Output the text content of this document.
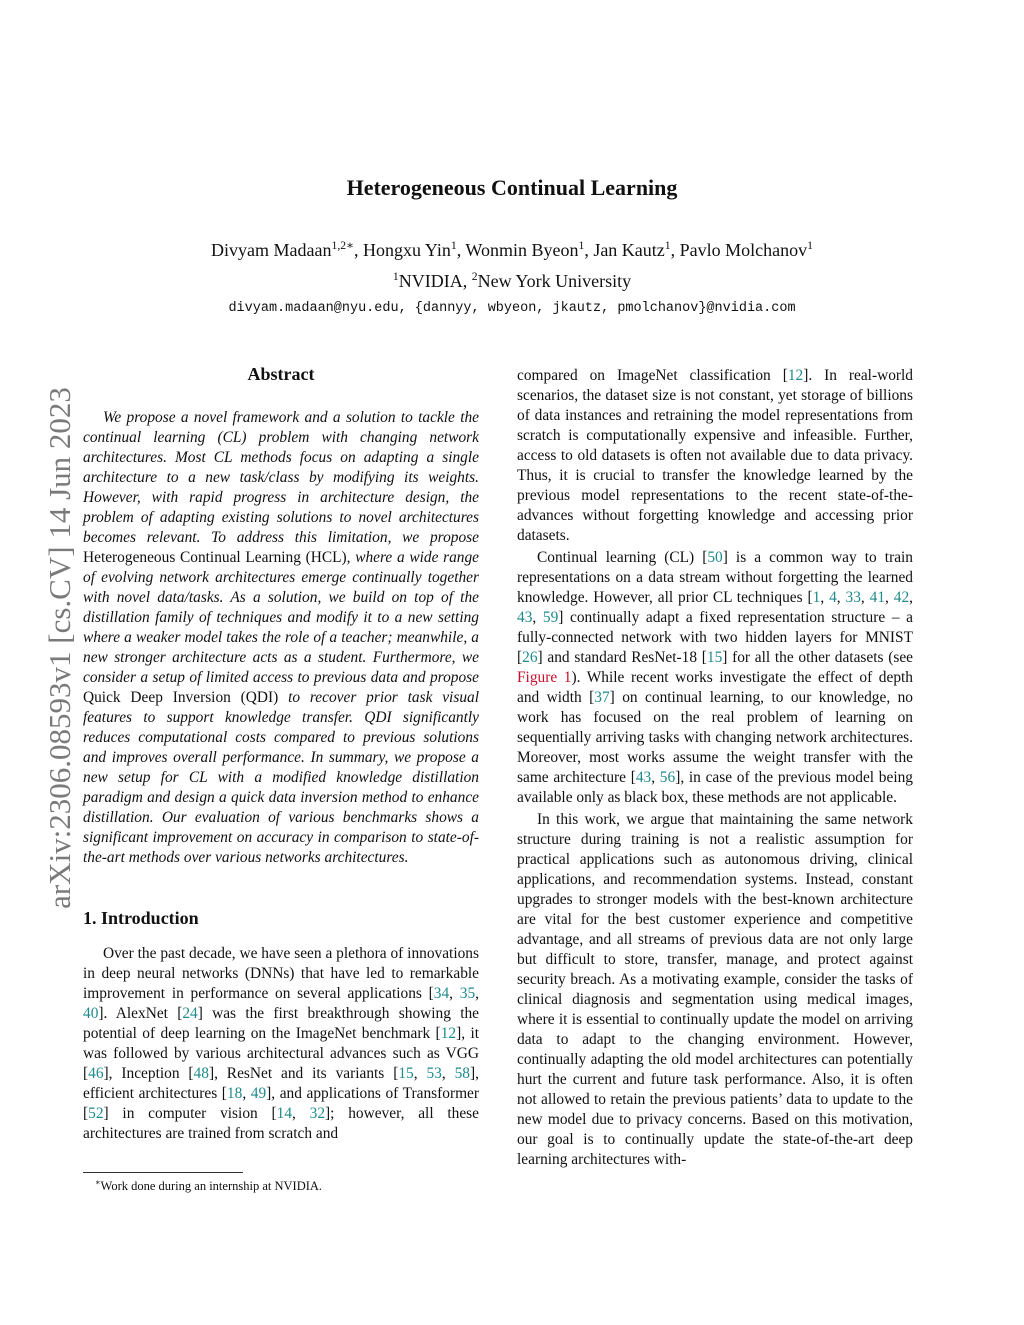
Heterogeneous Continual Learning
Divyam Madaan$^{1,2∗}$, Hongxu Yin$^1$, Wonmin Byeon$^1$, Jan Kautz$^1$, Pavlo Molchanov$^1$
$^1$NVIDIA, $^2$New York University
divyam.madaan@nyu.edu, {dannyy, wbyeon, jkautz, pmolchanov}@nvidia.com
arXiv:2306.08593v1 [cs.CV] 14 Jun 2023
Abstract

We propose a novel framework and a solution to tackle the continual learning (CL) problem with changing network architectures. Most CL methods focus on adapting a single architecture to a new task/class by modifying its weights. However, with rapid progress in architecture design, the problem of adapting existing solutions to novel architectures becomes relevant. To address this limitation, we propose Heterogeneous Continual Learning (HCL), where a wide range of evolving network architectures emerge continually together with novel data/tasks. As a solution, we build on top of the distillation family of techniques and modify it to a new setting where a weaker model takes the role of a teacher; meanwhile, a new stronger architecture acts as a student. Furthermore, we consider a setup of limited access to previous data and propose Quick Deep Inversion (QDI) to recover prior task visual features to support knowledge transfer. QDI significantly reduces computational costs compared to previous solutions and improves overall performance. In summary, we propose a new setup for CL with a modified knowledge distillation paradigm and design a quick data inversion method to enhance distillation. Our evaluation of various benchmarks shows a significant improvement on accuracy in comparison to state-of-the-art methods over various networks architectures.

1. Introduction

Over the past decade, we have seen a plethora of innovations in deep neural networks (DNNs) that have led to remarkable improvement in performance on several applications [34, 35, 40]. AlexNet [24] was the first breakthrough showing the potential of deep learning on the ImageNet benchmark [12], it was followed by various architectural advances such as VGG [46], Inception [48], ResNet and its variants [15, 53, 58], efficient architectures [18, 49], and applications of Transformer [52] in computer vision [14, 32]; however, all these architectures are trained from scratch and

compared on ImageNet classification [12]. In real-world scenarios, the dataset size is not constant, yet storage of billions of data instances and retraining the model representations from scratch is computationally expensive and infeasible. Further, access to old datasets is often not available due to data privacy. Thus, it is crucial to transfer the knowledge learned by the previous model representations to the recent state-of-the-advances without forgetting knowledge and accessing prior datasets.

Continual learning (CL) [50] is a common way to train representations on a data stream without forgetting the learned knowledge. However, all prior CL techniques [1, 4, 33, 41, 42, 43, 59] continually adapt a fixed representation structure – a fully-connected network with two hidden layers for MNIST [26] and standard ResNet-18 [15] for all the other datasets (see Figure 1). While recent works investigate the effect of depth and width [37] on continual learning, to our knowledge, no work has focused on the real problem of learning on sequentially arriving tasks with changing network architectures. Moreover, most works assume the weight transfer with the same architecture [43, 56], in case of the previous model being available only as black box, these methods are not applicable.

In this work, we argue that maintaining the same network structure during training is not a realistic assumption for practical applications such as autonomous driving, clinical applications, and recommendation systems. Instead, constant upgrades to stronger models with the best-known architecture are vital for the best customer experience and competitive advantage, and all streams of previous data are not only large but difficult to store, transfer, manage, and protect against security breach. As a motivating example, consider the tasks of clinical diagnosis and segmentation using medical images, where it is essential to continually update the model on arriving data to adapt to the changing environment. However, continually adapting the old model architectures can potentially hurt the current and future task performance. Also, it is often not allowed to retain the previous patients’ data to update to the new model due to privacy concerns. Based on this motivation, our goal is to continually update the state-of-the-art deep learning architectures with-

∗Work done during an internship at NVIDIA.
